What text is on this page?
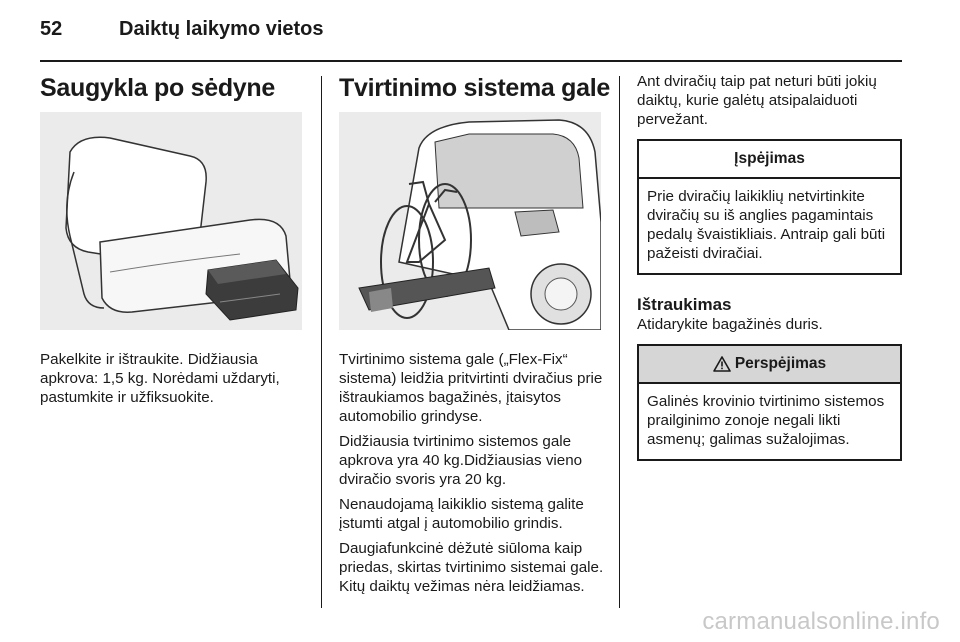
52	Daiktų laikymo vietos
Saugykla po sėdyne

Pakelkite ir ištraukite. Didžiausia apkrova: 1,5 kg. Norėdami uždaryti, pastumkite ir užfiksuokite.

Tvirtinimo sistema gale

Tvirtinimo sistema gale („Flex-Fix“ sistema) leidžia pritvirtinti dviračius prie ištraukiamos bagažinės, įtaisytos automobilio grindyse.

Didžiausia tvirtinimo sistemos gale apkrova yra 40 kg.Didžiausias vieno dviračio svoris yra 20 kg.

Nenaudojamą laikiklio sistemą galite įstumti atgal į automobilio grindis.

Daugiafunkcinė dėžutė siūloma kaip priedas, skirtas tvirtinimo sistemai gale. Kitų daiktų vežimas nėra leidžiamas.

Ant dviračių taip pat neturi būti jokių daiktų, kurie galėtų atsipalaiduoti pervežant.

Įspėjimas
Prie dviračių laikiklių netvirtinkite dviračių su iš anglies pagamintais pedalų švaistikliais. Antraip gali būti pažeisti dviračiai.
Ištraukimas

Atidarykite bagažinės duris.

Perspėjimas
Galinės krovinio tvirtinimo sistemos prailginimo zonoje negali likti asmenų; galimas sužalojimas.
carmanualsonline.info
